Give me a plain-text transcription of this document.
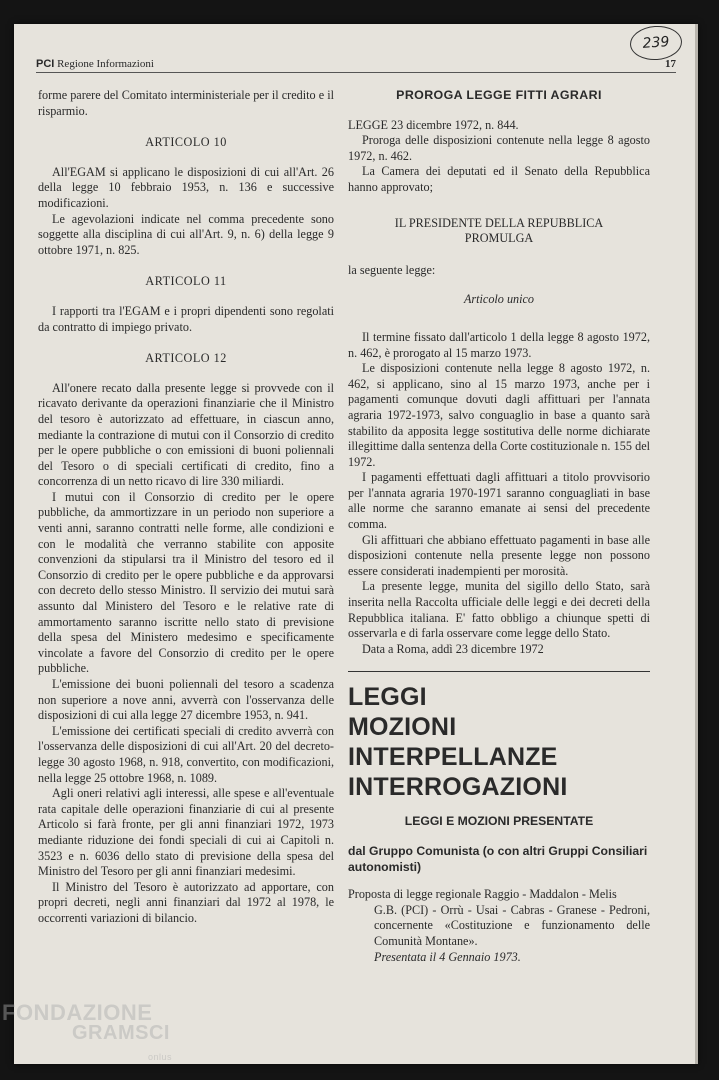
239
PCI Regione Informazioni	17

forme parere del Comitato interministeriale per il credito e il risparmio.

ARTICOLO 10

All'EGAM si applicano le disposizioni di cui all'Art. 26 della legge 10 febbraio 1953, n. 136 e successive modificazioni.

Le agevolazioni indicate nel comma precedente sono soggette alla disciplina di cui all'Art. 9, n. 6) della legge 9 ottobre 1971, n. 825.

ARTICOLO 11

I rapporti tra l'EGAM e i propri dipendenti sono regolati da contratto di impiego privato.

ARTICOLO 12

All'onere recato dalla presente legge si provvede con il ricavato derivante da operazioni finanziarie che il Ministro del tesoro è autorizzato ad effettuare, in ciascun anno, mediante la contrazione di mutui con il Consorzio di credito per le opere pubbliche o con emissioni di buoni poliennali del Tesoro o di speciali certificati di credito, fino a concorrenza di un netto ricavo di lire 330 miliardi.

I mutui con il Consorzio di credito per le opere pubbliche, da ammortizzare in un periodo non superiore a venti anni, saranno contratti nelle forme, alle condizioni e con le modalità che verranno stabilite con apposite convenzioni da stipularsi tra il Ministro del tesoro ed il Consorzio di credito per le opere pubbliche e da approvarsi con decreto dello stesso Ministro. Il servizio dei mutui sarà assunto dal Ministero del Tesoro e le relative rate di ammortamento saranno iscritte nello stato di previsione della spesa del Ministero medesimo e specificamente vincolate a favore del Consorzio di credito per le opere pubbliche.

L'emissione dei buoni poliennali del tesoro a scadenza non superiore a nove anni, avverrà con l'osservanza delle disposizioni di cui alla legge 27 dicembre 1953, n. 941.

L'emissione dei certificati speciali di credito avverrà con l'osservanza delle disposizioni di cui all'Art. 20 del decreto-legge 30 agosto 1968, n. 918, convertito, con modificazioni, nella legge 25 ottobre 1968, n. 1089.

Agli oneri relativi agli interessi, alle spese e all'eventuale rata capitale delle operazioni finanziarie di cui al presente Articolo si farà fronte, per gli anni finanziari 1972, 1973 mediante riduzione dei fondi speciali di cui ai Capitoli n. 3523 e n. 6036 dello stato di previsione della spesa del Ministro del Tesoro per gli anni finanziari medesimi.

Il Ministro del Tesoro è autorizzato ad apportare, con propri decreti, negli anni finanziari dal 1972 al 1978, le occorrenti variazioni di bilancio.

PROROGA LEGGE FITTI AGRARI

LEGGE 23 dicembre 1972, n. 844.

Proroga delle disposizioni contenute nella legge 8 agosto 1972, n. 462.

La Camera dei deputati ed il Senato della Repubblica hanno approvato;

IL PRESIDENTE DELLA REPUBBLICA
PROMULGA

la seguente legge:

Articolo unico

Il termine fissato dall'articolo 1 della legge 8 agosto 1972, n. 462, è prorogato al 15 marzo 1973.

Le disposizioni contenute nella legge 8 agosto 1972, n. 462, si applicano, sino al 15 marzo 1973, anche per i pagamenti comunque dovuti dagli affittuari per l'annata agraria 1972-1973, salvo conguaglio in base a quanto sarà stabilito da apposita legge sostitutiva delle norme dichiarate illegittime dalla sentenza della Corte costituzionale n. 155 del 1972.

I pagamenti effettuati dagli affittuari a titolo provvisorio per l'annata agraria 1970-1971 saranno conguagliati in base alle norme che saranno emanate ai sensi del precedente comma.

Gli affittuari che abbiano effettuato pagamenti in base alle disposizioni contenute nella presente legge non possono essere considerati inadempienti per morosità.

La presente legge, munita del sigillo dello Stato, sarà inserita nella Raccolta ufficiale delle leggi e dei decreti della Repubblica italiana. E' fatto obbligo a chiunque spetti di osservarla e di farla osservare come legge dello Stato.

Data a Roma, addì 23 dicembre 1972

LEGGI
MOZIONI
INTERPELLANZE
INTERROGAZIONI
LEGGI E MOZIONI PRESENTATE
dal Gruppo Comunista (o con altri Gruppi Consiliari autonomisti)
Proposta di legge regionale Raggio - Maddalon - Melis
G.B. (PCI) - Orrù - Usai - Cabras - Granese - Pedroni, concernente «Costituzione e funzionamento delle Comunità Montane».
Presentata il 4 Gennaio 1973.
FONDAZIONE
GRAMSCI
onlus
